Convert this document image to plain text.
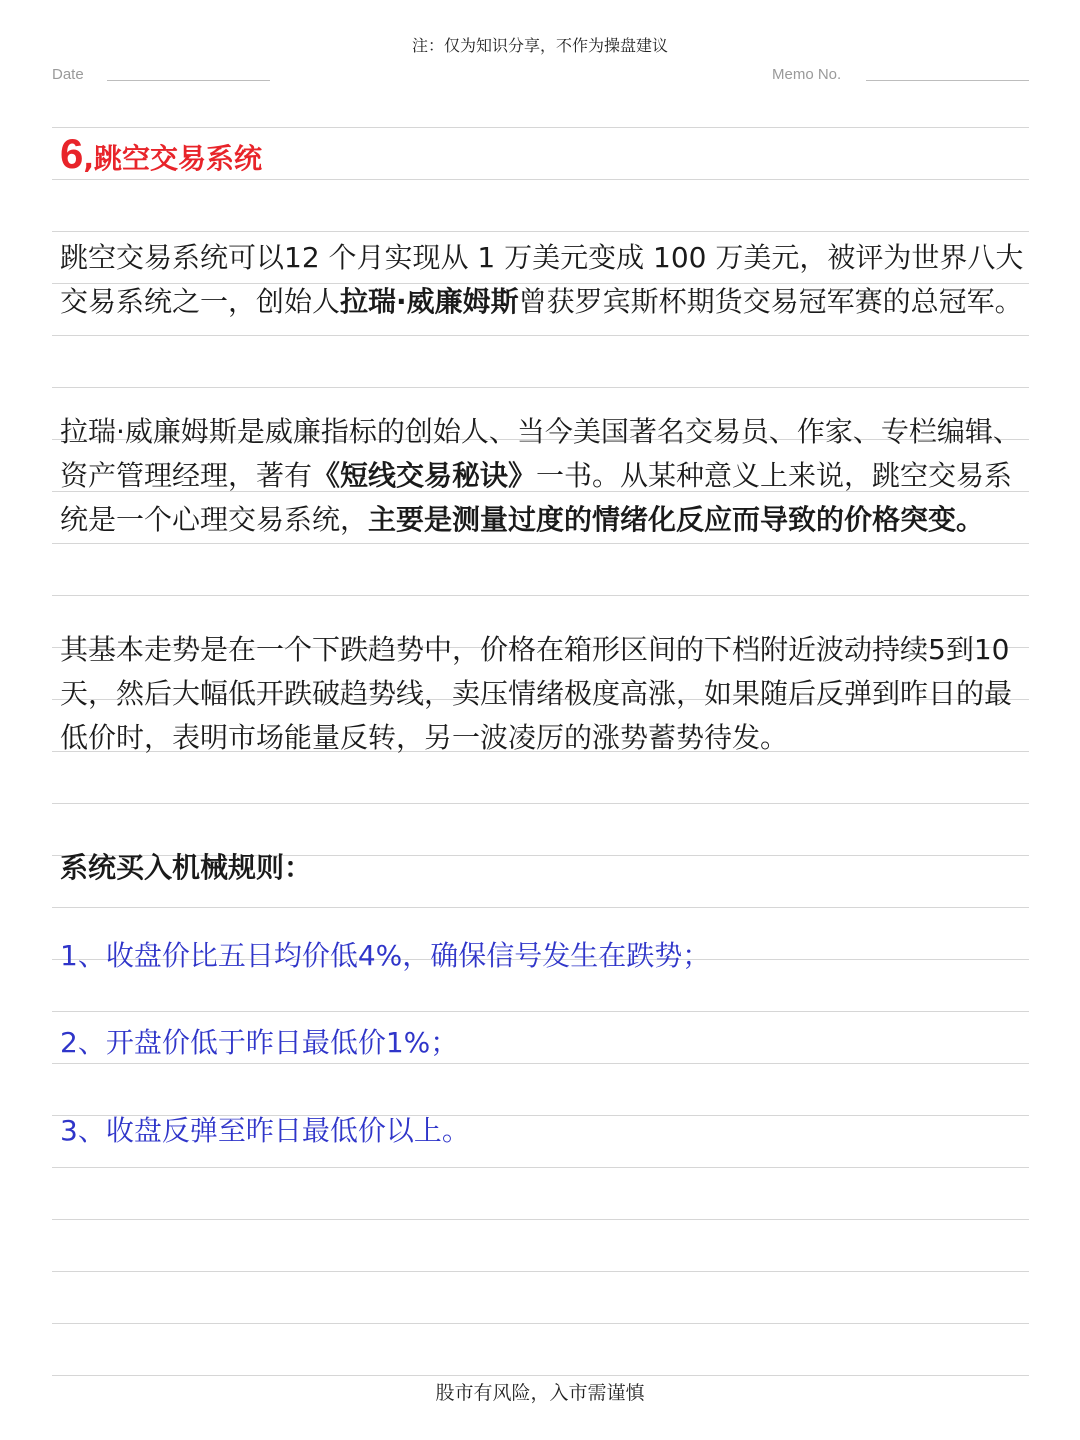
注：仅为知识分享，不作为操盘建议
Date	Memo No.
6,跳空交易系统
跳空交易系统可以12 个月实现从 1 万美元变成 100 万美元，被评为世界八大交易系统之一，创始人拉瑞·威廉姆斯曾获罗宾斯杯期货交易冠军赛的总冠军。
拉瑞·威廉姆斯是威廉指标的创始人、当今美国著名交易员、作家、专栏编辑、资产管理经理，著有《短线交易秘诀》一书。从某种意义上来说，跳空交易系统是一个心理交易系统，主要是测量过度的情绪化反应而导致的价格突变。
其基本走势是在一个下跌趋势中，价格在箱形区间的下档附近波动持续5到10天，然后大幅低开跌破趋势线，卖压情绪极度高涨，如果随后反弹到昨日的最低价时，表明市场能量反转，另一波凌厉的涨势蓄势待发。
系统买入机械规则：
1、收盘价比五日均价低4%，确保信号发生在跌势；
2、开盘价低于昨日最低价1%；
3、收盘反弹至昨日最低价以上。
股市有风险，入市需谨慎
